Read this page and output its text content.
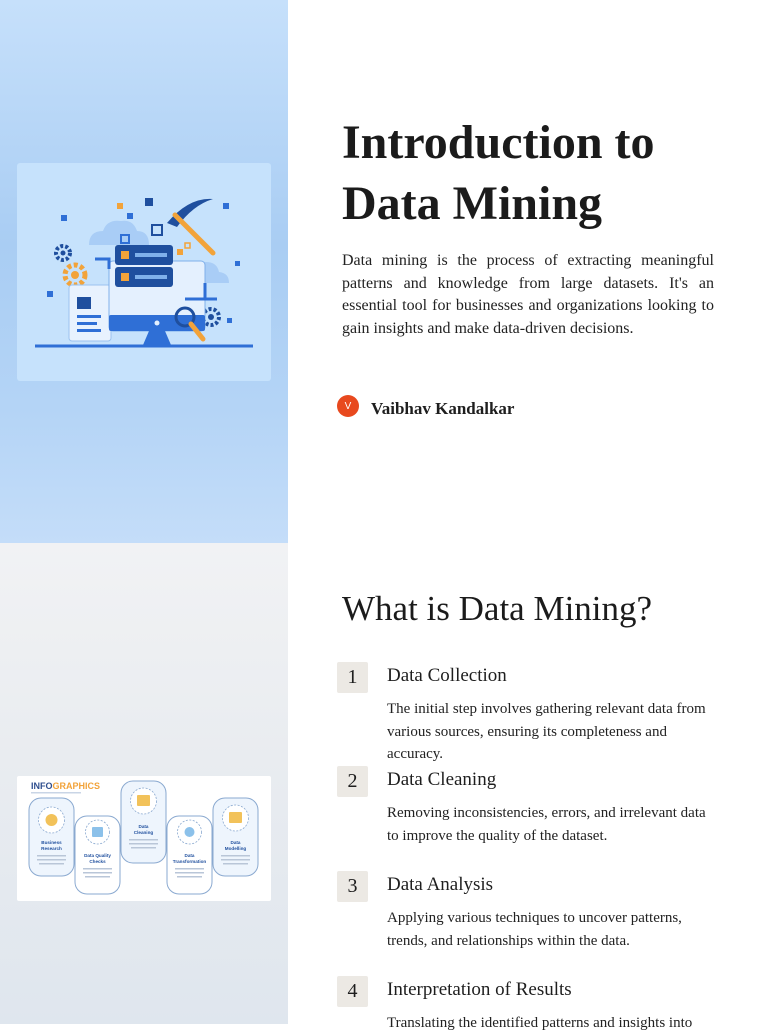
Introduction to Data Mining

Data mining is the process of extracting meaningful patterns and knowledge from large datasets. It's an essential tool for businesses and organizations looking to gain insights and make data-driven decisions.

V	Vaibhav Kandalkar
INFOGRAPHICS
Business
Research
Data Quality
Checks
Data
Cleaning
Data
Transformation
Data
Modelling
What is Data Mining?
1	Data Collection

The initial step involves gathering relevant data from various sources, ensuring its completeness and accuracy.

2	Data Cleaning

Removing inconsistencies, errors, and irrelevant data to improve the quality of the dataset.

3	Data Analysis

Applying various techniques to uncover patterns, trends, and relationships within the data.

4	Interpretation of Results

Translating the identified patterns and insights into
